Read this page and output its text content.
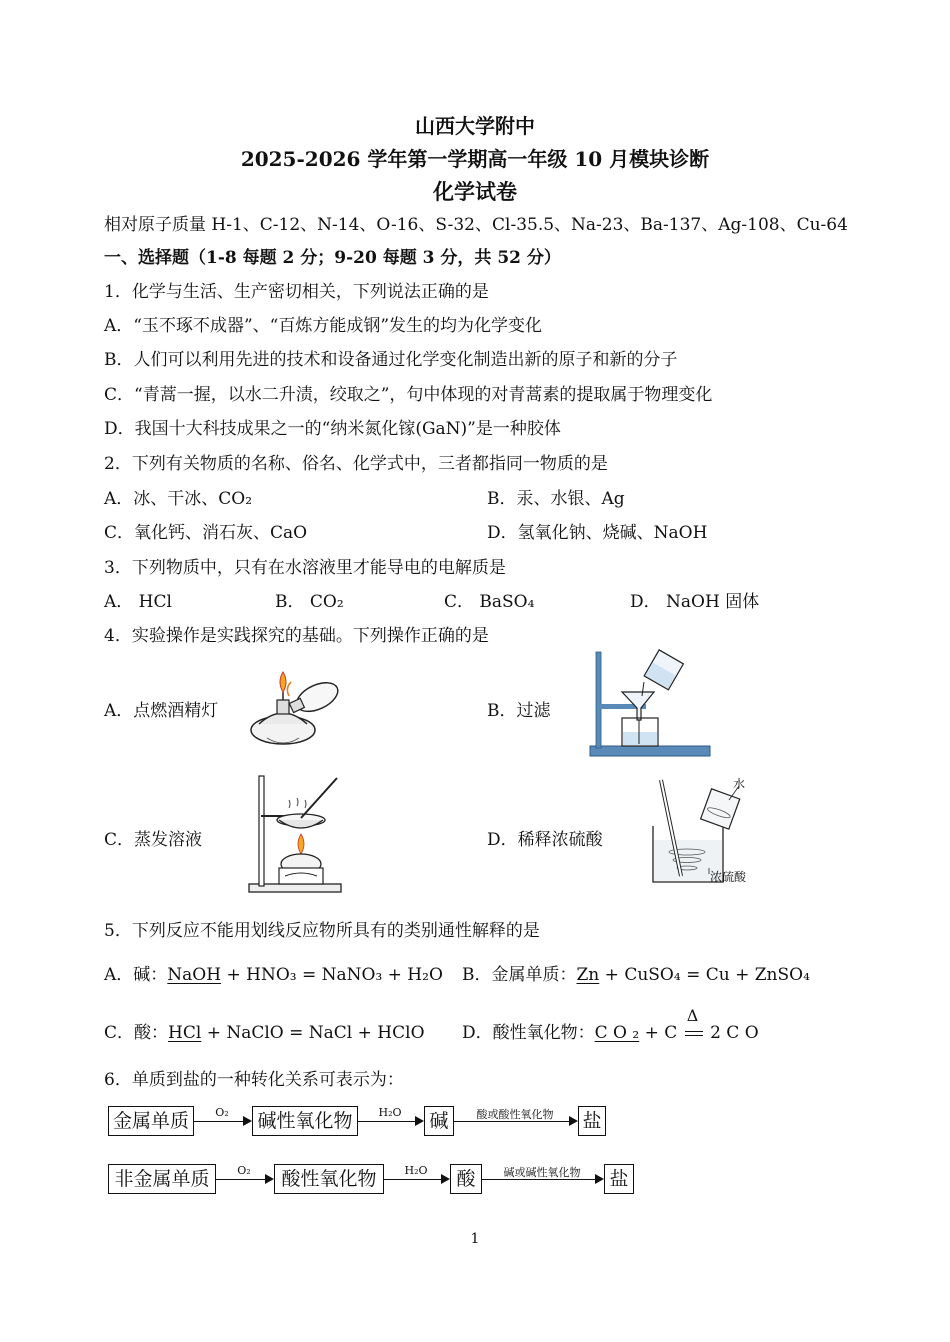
山西大学附中
2025-2026 学年第一学期高一年级 10 月模块诊断
化学试卷
相对原子质量 H-1、C-12、N-14、O-16、S-32、Cl-35.5、Na-23、Ba-137、Ag-108、Cu-64
一、选择题（1-8 每题 2 分；9-20 每题 3 分，共 52 分）
1．化学与生活、生产密切相关，下列说法正确的是
A．“玉不琢不成器”、“百炼方能成钢”发生的均为化学变化
B．人们可以利用先进的技术和设备通过化学变化制造出新的原子和新的分子
C．“青蒿一握，以水二升渍，绞取之”，句中体现的对青蒿素的提取属于物理变化
D．我国十大科技成果之一的“纳米氮化镓(GaN)”是一种胶体
2．下列有关物质的名称、俗名、化学式中，三者都指同一物质的是
A．冰、干冰、CO₂	B．汞、水银、Ag
C．氧化钙、消石灰、CaO	D．氢氧化钠、烧碱、NaOH
3．下列物质中，只有在水溶液里才能导电的电解质是
A． HCl	B． CO₂	C． BaSO₄	D． NaOH 固体
4．实验操作是实践探究的基础。下列操作正确的是
A．点燃酒精灯	B．过滤
C．蒸发溶液	D．稀释浓硫酸
水
浓硫酸
5．下列反应不能用划线反应物所具有的类别通性解释的是
A．碱：NaOH + HNO₃ = NaNO₃ + H₂O B．金属单质：Zn + CuSO₄ = Cu + ZnSO₄
C．酸：HCl + NaClO = NaCl + HClO D．酸性氧化物：C O ₂ + C
Δ
2 C O
6．单质到盐的一种转化关系可表示为：
金属单质	O₂	碱性氧化物	H₂O	碱	酸或酸性氧化物	盐
非金属单质	O₂	酸性氧化物	H₂O	酸	碱或碱性氧化物	盐
1
